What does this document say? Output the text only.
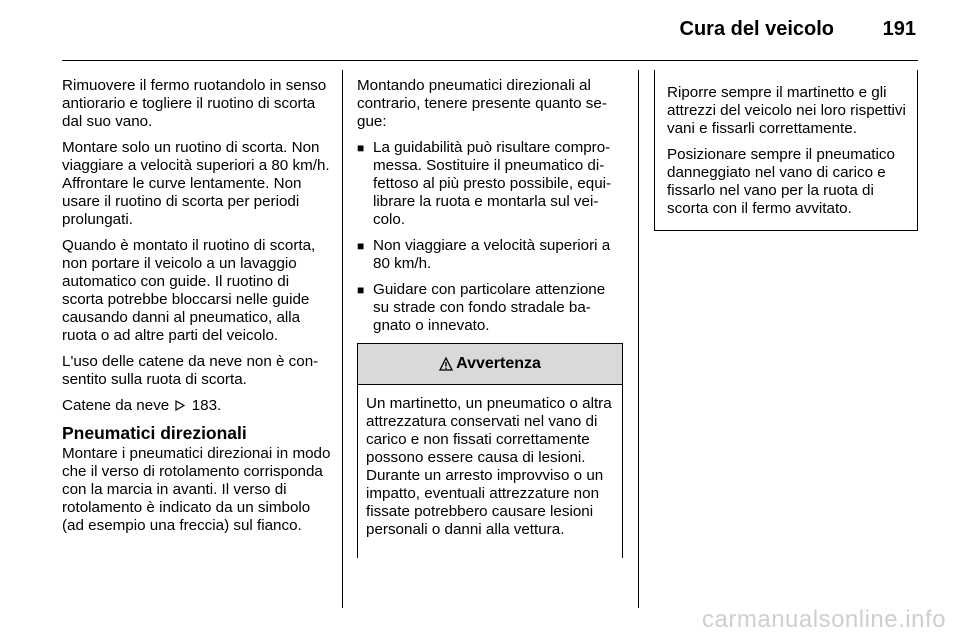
Cura del veicolo 191

Rimuovere il fermo ruotandolo in senso antiorario e togliere il ruotino di scorta dal suo vano.

Montare solo un ruotino di scorta. Non viaggiare a velocità superiori a 80 km/h. Affrontare le curve lentamente. Non usare il ruotino di scorta per periodi prolungati.

Quando è montato il ruotino di scorta, non portare il veicolo a un lavaggio automatico con guide. Il ruotino di scorta potrebbe bloccarsi nelle guide causando danni al pneumatico, alla ruota o ad altre parti del veicolo.

L'uso delle catene da neve non è consentito sulla ruota di scorta.

Catene da neve 183.

Pneumatici direzionali

Montare i pneumatici direzionai in modo che il verso di rotolamento corrisponda con la marcia in avanti. Il verso di rotolamento è indicato da un simbolo (ad esempio una freccia) sul fianco.

Montando pneumatici direzionali al contrario, tenere presente quanto segue:

■ La guidabilità può risultare compromessa. Sostituire il pneumatico difettoso al più presto possibile, equilibrare la ruota e montarla sul veicolo.
■ Non viaggiare a velocità superiori a 80 km/h.
■ Guidare con particolare attenzione su strade con fondo stradale bagnato o innevato.
Avvertenza
Un martinetto, un pneumatico o altra attrezzatura conservati nel vano di carico e non fissati correttamente possono essere causa di lesioni. Durante un arresto improvviso o un impatto, eventuali attrezzature non fissate potrebbero causare lesioni personali o danni alla vettura.

Riporre sempre il martinetto e gli attrezzi del veicolo nei loro rispettivi vani e fissarli correttamente.

Posizionare sempre il pneumatico danneggiato nel vano di carico e fissarlo nel vano per la ruota di scorta con il fermo avvitato.

carmanualsonline.info
